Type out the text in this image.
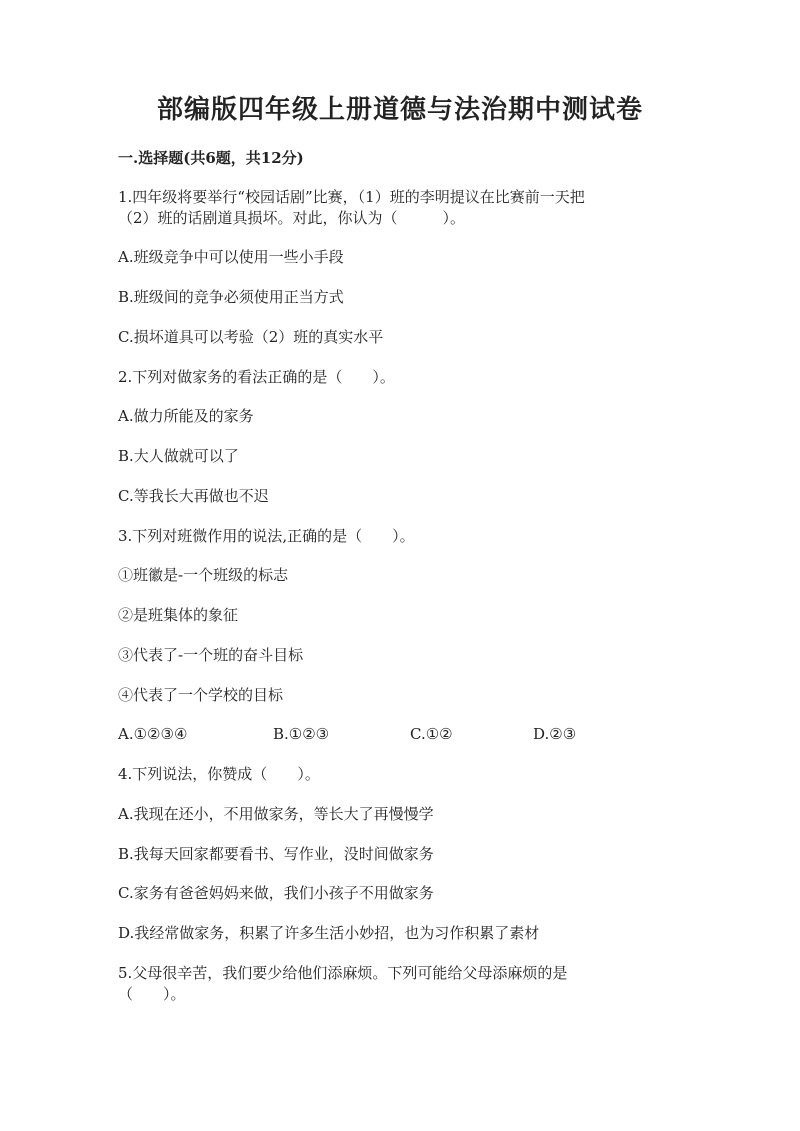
部编版四年级上册道德与法治期中测试卷
一.选择题(共6题，共12分)
1.四年级将要举行“校园话剧”比赛，（1）班的李明提议在比赛前一天把
（2）班的话剧道具损坏。对此，你认为（　　　）。
A.班级竞争中可以使用一些小手段
B.班级间的竞争必须使用正当方式
C.损坏道具可以考验（2）班的真实水平
2.下列对做家务的看法正确的是（　　）。
A.做力所能及的家务
B.大人做就可以了
C.等我长大再做也不迟
3.下列对班微作用的说法,正确的是（　　）。
①班徽是-一个班级的标志
②是班集体的象征
③代表了-一个班的奋斗目标
④代表了一个学校的目标
A.①②③④	B.①②③	C.①②	D.②③
4.下列说法，你赞成（　　）。
A.我现在还小，不用做家务，等长大了再慢慢学
B.我每天回家都要看书、写作业，没时间做家务
C.家务有爸爸妈妈来做，我们小孩子不用做家务
D.我经常做家务，积累了许多生活小妙招，也为习作积累了素材
5.父母很辛苦，我们要少给他们添麻烦。下列可能给父母添麻烦的是
（　　）。
